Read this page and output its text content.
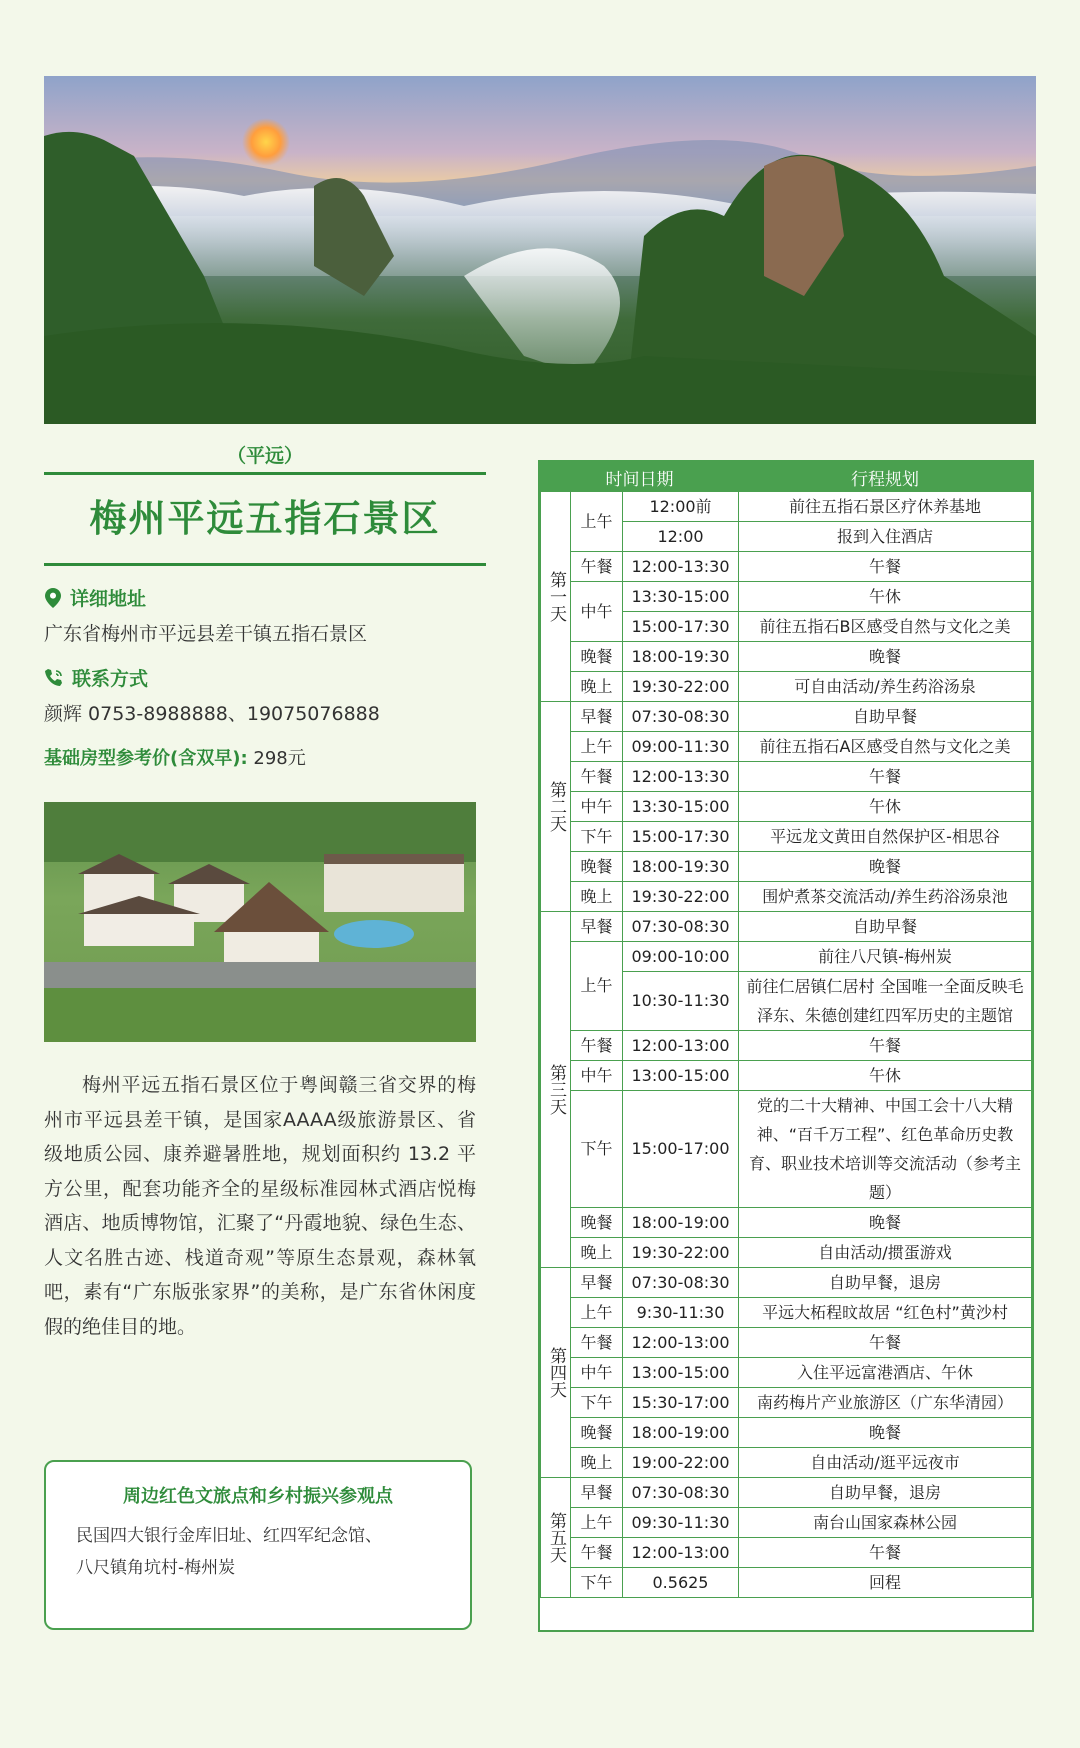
（平远）
梅州平远五指石景区
详细地址
广东省梅州市平远县差干镇五指石景区
联系方式
颜辉 0753-8988888、19075076888
基础房型参考价(含双早): 298元
梅州平远五指石景区位于粤闽赣三省交界的梅州市平远县差干镇，是国家AAAA级旅游景区、省级地质公园、康养避暑胜地，规划面积约 13.2 平方公里，配套功能齐全的星级标准园林式酒店悦梅酒店、地质博物馆，汇聚了“丹霞地貌、绿色生态、人文名胜古迹、栈道奇观”等原生态景观，森林氧吧，素有“广东版张家界”的美称，是广东省休闲度假的绝佳目的地。
周边红色文旅点和乡村振兴参观点
民国四大银行金库旧址、红四军纪念馆、
八尺镇角坑村-梅州炭
时间日期			行程规划

第一天	上午	12:00前	前往五指石景区疗休养基地
		12:00	报到入住酒店
	午餐	12:00-13:30	午餐
	中午	13:30-15:00	午休
		15:00-17:30	前往五指石B区感受自然与文化之美
	晚餐	18:00-19:30	晚餐
	晚上	19:30-22:00	可自由活动/养生药浴汤泉

第二天	早餐	07:30-08:30	自助早餐
	上午	09:00-11:30	前往五指石A区感受自然与文化之美
	午餐	12:00-13:30	午餐
	中午	13:30-15:00	午休
	下午	15:00-17:30	平远龙文黄田自然保护区-相思谷
	晚餐	18:00-19:30	晚餐
	晚上	19:30-22:00	围炉煮茶交流活动/养生药浴汤泉池

第三天	早餐	07:30-08:30	自助早餐
	上午	09:00-10:00	前往八尺镇-梅州炭
		10:30-11:30	前往仁居镇仁居村 全国唯一全面反映毛泽东、朱德创建红四军历史的主题馆
	午餐	12:00-13:00	午餐
	中午	13:00-15:00	午休
	下午	15:00-17:00	党的二十大精神、中国工会十八大精神、“百千万工程”、红色革命历史教育、职业技术培训等交流活动（参考主题）
	晚餐	18:00-19:00	晚餐
	晚上	19:30-22:00	自由活动/掼蛋游戏

第四天	早餐	07:30-08:30	自助早餐，退房
	上午	9:30-11:30	平远大柘程旼故居 “红色村”黄沙村
	午餐	12:00-13:00	午餐
	中午	13:00-15:00	入住平远富港酒店、午休
	下午	15:30-17:00	南药梅片产业旅游区（广东华清园）
	晚餐	18:00-19:00	晚餐
	晚上	19:00-22:00	自由活动/逛平远夜市

第五天	早餐	07:30-08:30	自助早餐，退房
	上午	09:30-11:30	南台山国家森林公园
	午餐	12:00-13:00	午餐
	下午	0.5625	回程
